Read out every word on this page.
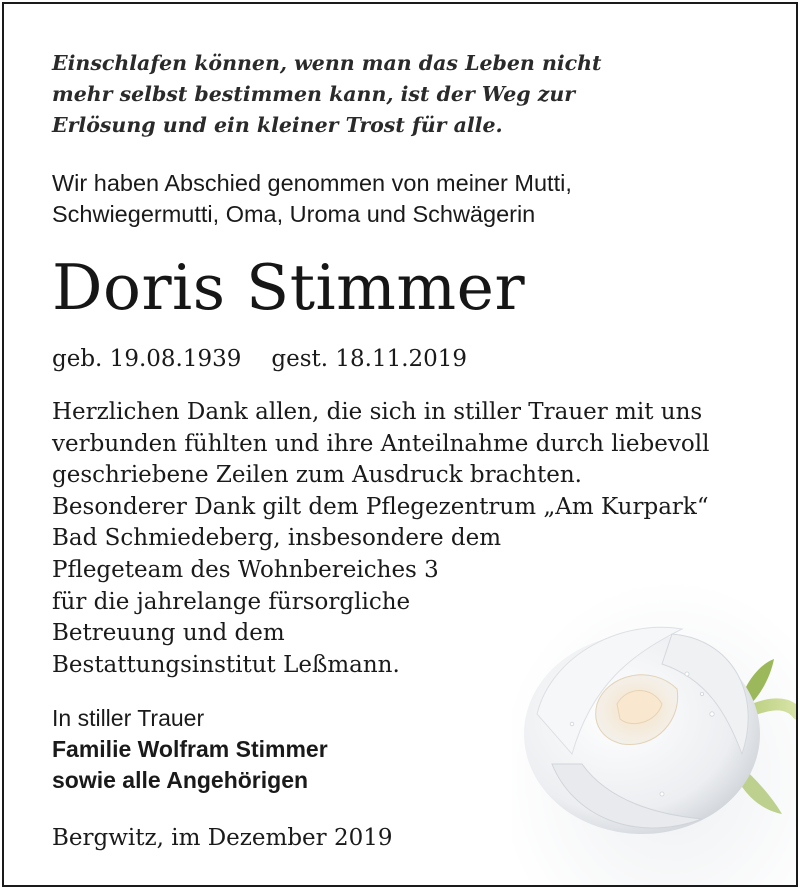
Einschlafen können, wenn man das Leben nicht
mehr selbst bestimmen kann, ist der Weg zur
Erlösung und ein kleiner Trost für alle.
Wir haben Abschied genommen von meiner Mutti,
Schwiegermutti, Oma, Uroma und Schwägerin
Doris Stimmer
geb. 19.08.1939 gest. 18.11.2019
Herzlichen Dank allen, die sich in stiller Trauer mit uns
verbunden fühlten und ihre Anteilnahme durch liebevoll
geschriebene Zeilen zum Ausdruck brachten.
Besonderer Dank gilt dem Pflegezentrum „Am Kurpark“
Bad Schmiedeberg, insbesondere dem
Pflegeteam des Wohnbereiches 3
für die jahrelange fürsorgliche
Betreuung und dem
Bestattungsinstitut Leßmann.
In stiller Trauer
Familie Wolfram Stimmer
sowie alle Angehörigen
Bergwitz, im Dezember 2019
